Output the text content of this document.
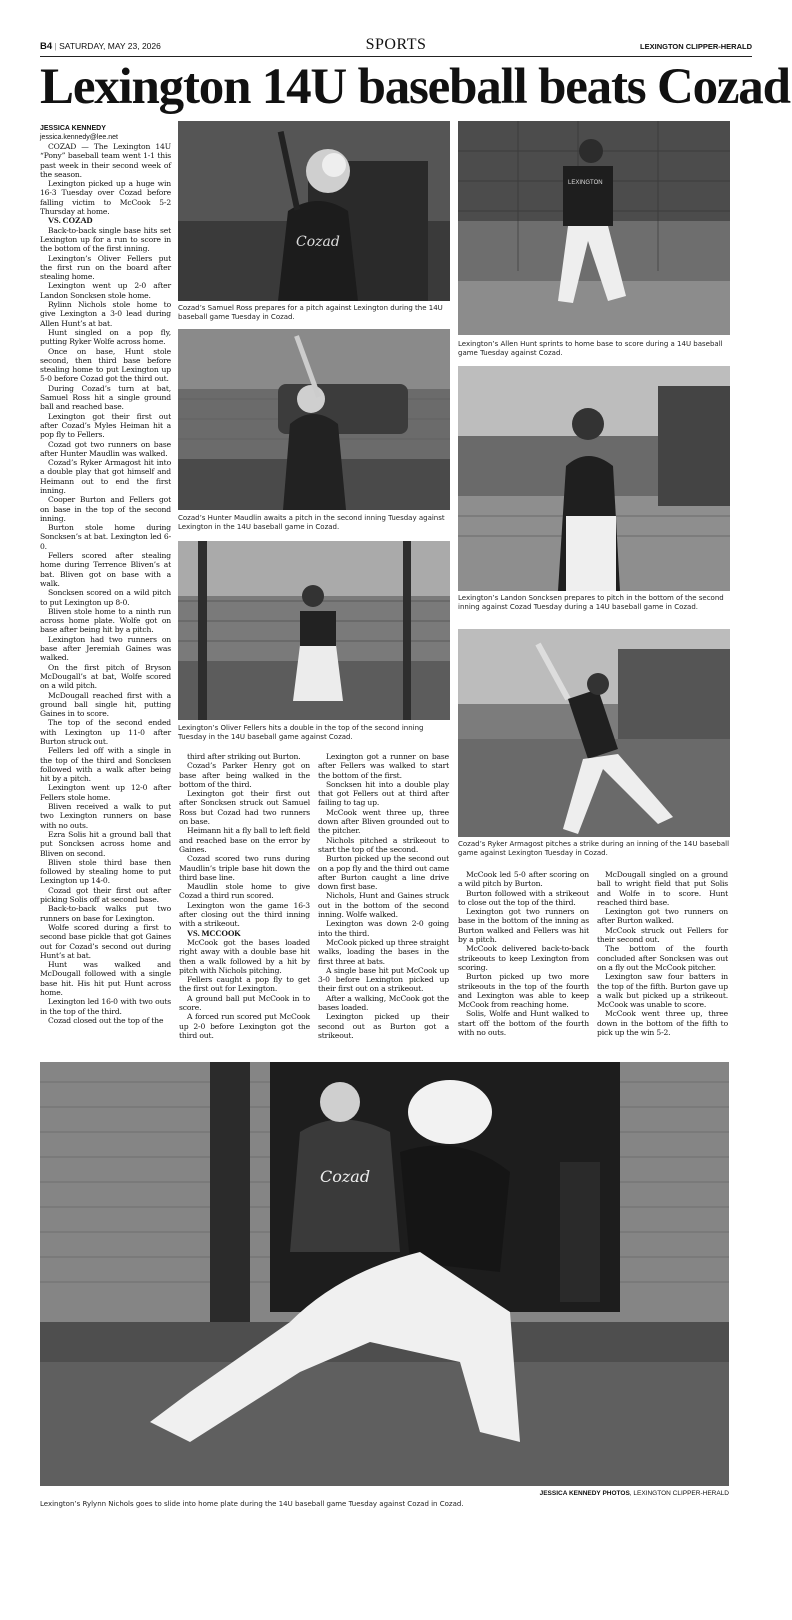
B4 | SATURDAY, MAY 23, 2026	SPORTS	LEXINGTON CLIPPER-HERALD
Lexington 14U baseball beats Cozad
JESSICA KENNEDY
jessica.kennedy@lee.net

COZAD — The Lexington 14U “Pony” baseball team went 1-1 this past week in their second week of the season.

Lexington picked up a huge win 16-3 Tuesday over Cozad before falling victim to McCook 5-2 Thursday at home.

VS. COZAD

Back-to-back single base hits set Lexington up for a run to score in the bottom of the first inning.

Lexington’s Oliver Fellers put the first run on the board after stealing home.

Lexington went up 2-0 after Landon Soncksen stole home.

Rylinn Nichols stole home to give Lexington a 3-0 lead during Allen Hunt’s at bat.

Hunt singled on a pop fly, putting Ryker Wolfe across home.

Once on base, Hunt stole second, then third base before stealing home to put Lexington up 5-0 before Cozad got the third out.

During Cozad’s turn at bat, Samuel Ross hit a single ground ball and reached base.

Lexington got their first out after Cozad’s Myles Heiman hit a pop fly to Fellers.

Cozad got two runners on base after Hunter Maudlin was walked.

Cozad’s Ryker Armagost hit into a double play that got himself and Heimann out to end the first inning.

Cooper Burton and Fellers got on base in the top of the second inning.

Burton stole home during Soncksen’s at bat. Lexington led 6-0.

Fellers scored after stealing home during Terrence Bliven’s at bat. Bliven got on base with a walk.

Soncksen scored on a wild pitch to put Lexington up 8-0.

Bliven stole home to a ninth run across home plate. Wolfe got on base after being hit by a pitch.

Lexington had two runners on base after Jeremiah Gaines was walked.

On the first pitch of Bryson McDougall’s at bat, Wolfe scored on a wild pitch.

McDougall reached first with a ground ball single hit, putting Gaines in to score.

The top of the second ended with Lexington up 11-0 after Burton struck out.

Fellers led off with a single in the top of the third and Soncksen followed with a walk after being hit by a pitch.

Lexington went up 12-0 after Fellers stole home.

Bliven received a walk to put two Lexington runners on base with no outs.

Ezra Solis hit a ground ball that put Soncksen across home and Bliven on second.

Bliven stole third base then followed by stealing home to put Lexington up 14-0.

Cozad got their first out after picking Solis off at second base.

Back-to-back walks put two runners on base for Lexington.

Wolfe scored during a first to second base pickle that got Gaines out for Cozad’s second out during Hunt’s at bat.

Hunt was walked and McDougall followed with a single base hit. His hit put Hunt across home.

Lexington led 16-0 with two outs in the top of the third.

Cozad closed out the top of the

third after striking out Burton.

Cozad’s Parker Henry got on base after being walked in the bottom of the third.

Lexington got their first out after Soncksen struck out Samuel Ross but Cozad had two runners on base.

Heimann hit a fly ball to left field and reached base on the error by Gaines.

Cozad scored two runs during Maudlin’s triple base hit down the third base line.

Maudlin stole home to give Cozad a third run scored.

Lexington won the game 16-3 after closing out the third inning with a strikeout.

VS. MCCOOK

McCook got the bases loaded right away with a double base hit then a walk followed by a hit by pitch with Nichols pitching.

Fellers caught a pop fly to get the first out for Lexington.

A ground ball put McCook in to score.

A forced run scored put McCook up 2-0 before Lexington got the third out.

Lexington got a runner on base after Fellers was walked to start the bottom of the first.

Soncksen hit into a double play that got Fellers out at third after failing to tag up.

McCook went three up, three down after Bliven grounded out to the pitcher.

Nichols pitched a strikeout to start the top of the second.

Burton picked up the second out on a pop fly and the third out came after Burton caught a line drive down first base.

Nichols, Hunt and Gaines struck out in the bottom of the second inning. Wolfe walked.

Lexington was down 2-0 going into the third.

McCook picked up three straight walks, loading the bases in the first three at bats.

A single base hit put McCook up 3-0 before Lexington picked up their first out on a strikeout.

After a walking, McCook got the bases loaded.

Lexington picked up their second out as Burton got a strikeout.

McCook led 5-0 after scoring on a wild pitch by Burton.

Burton followed with a strikeout to close out the top of the third.

Lexington got two runners on base in the bottom of the inning as Burton walked and Fellers was hit by a pitch.

McCook delivered back-to-back strikeouts to keep Lexington from scoring.

Burton picked up two more strikeouts in the top of the fourth and Lexington was able to keep McCook from reaching home.

Solis, Wolfe and Hunt walked to start off the bottom of the fourth with no outs.

McDougall singled on a ground ball to wright field that put Solis and Wolfe in to score. Hunt reached third base.

Lexington got two runners on after Burton walked.

McCook struck out Fellers for their second out.

The bottom of the fourth concluded after Soncksen was out on a fly out the McCook pitcher.

Lexington saw four batters in the top of the fifth. Burton gave up a walk but picked up a strikeout. McCook was unable to score.

McCook went three up, three down in the bottom of the fifth to pick up the win 5-2.

Cozad
Cozad’s Samuel Ross prepares for a pitch against Lexington during the 14U baseball game Tuesday in Cozad.
Cozad’s Hunter Maudlin awaits a pitch in the second inning Tuesday against Lexington in the 14U baseball game in Cozad.
Lexington’s Oliver Fellers hits a double in the top of the second inning Tuesday in the 14U baseball game against Cozad.
LEXINGTON
Lexington’s Allen Hunt sprints to home base to score during a 14U baseball game Tuesday against Cozad.
Lexington’s Landon Soncksen prepares to pitch in the bottom of the second inning against Cozad Tuesday during a 14U baseball game in Cozad.
Cozad’s Ryker Armagost pitches a strike during an inning of the 14U baseball game against Lexington Tuesday in Cozad.
Cozad
JESSICA KENNEDY PHOTOS, LEXINGTON CLIPPER-HERALD
Lexington’s Rylynn Nichols goes to slide into home plate during the 14U baseball game Tuesday against Cozad in Cozad.
